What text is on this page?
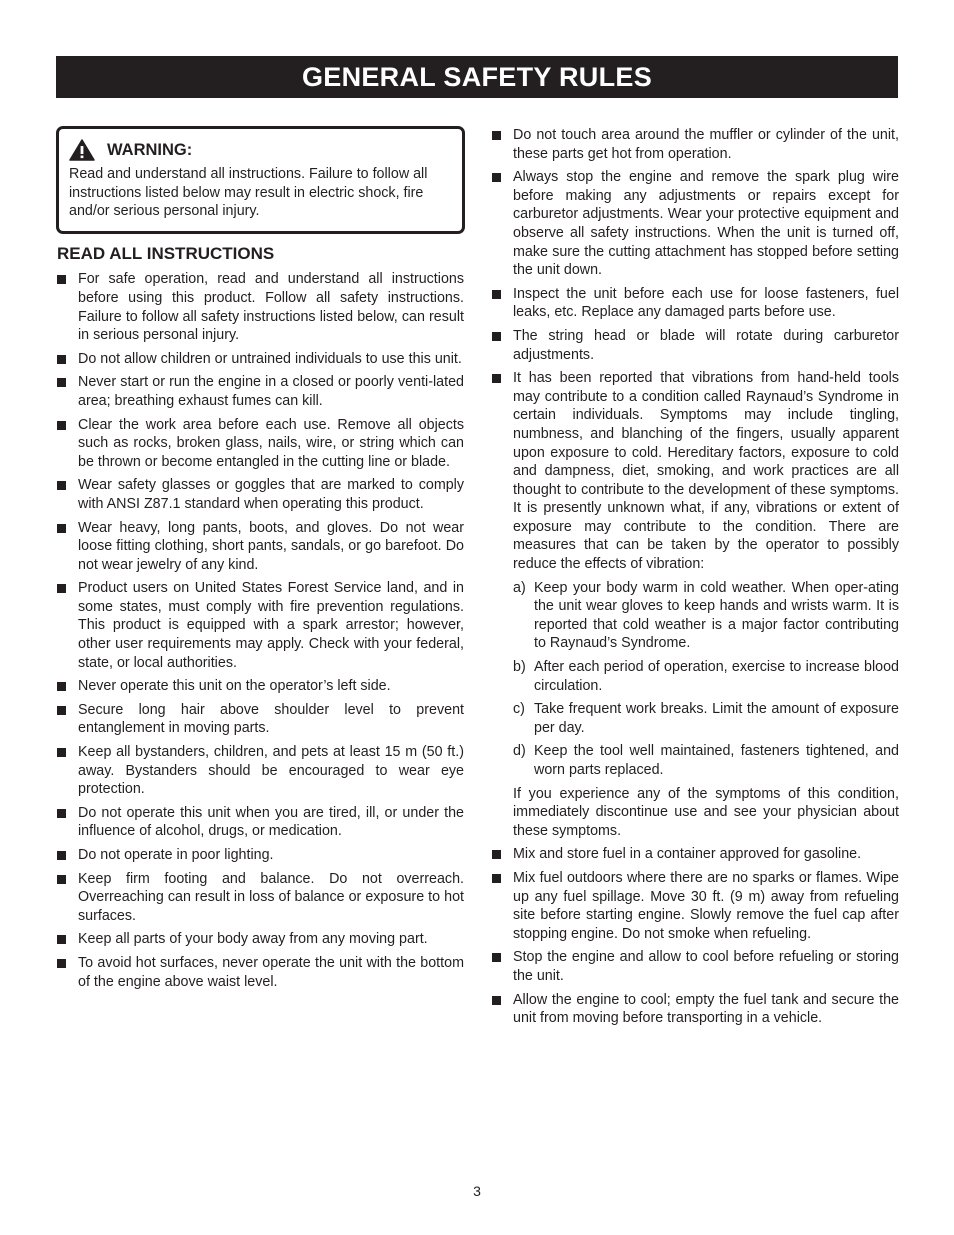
GENERAL SAFETY RULES
WARNING:
Read and understand all instructions. Failure to follow all instructions listed below may result in electric shock, fire and/or serious personal injury.
READ ALL INSTRUCTIONS
For safe operation, read and understand all instructions before using this product. Follow all safety instructions. Failure to follow all safety instructions listed below, can result in serious personal injury.
Do not allow children or untrained individuals to use this unit.
Never start or run the engine in a closed or poorly venti-lated area; breathing exhaust fumes can kill.
Clear the work area before each use. Remove all objects such as rocks, broken glass, nails, wire, or string which can be thrown or become entangled in the cutting line or blade.
Wear safety glasses or goggles that are marked to comply with ANSI Z87.1 standard when operating this product.
Wear heavy, long pants, boots, and gloves. Do not wear loose fitting clothing, short pants, sandals, or go barefoot. Do not wear jewelry of any kind.
Product users on United States Forest Service land, and in some states, must comply with fire prevention regulations. This product is equipped with a spark arrestor; however, other user requirements may apply. Check with your federal, state, or local authorities.
Never operate this unit on the operator’s left side.
Secure long hair above shoulder level to prevent entanglement in moving parts.
Keep all bystanders, children, and pets at least 15 m (50 ft.) away. Bystanders should be encouraged to wear eye protection.
Do not operate this unit when you are tired, ill, or under the influence of alcohol, drugs, or medication.
Do not operate in poor lighting.
Keep firm footing and balance. Do not overreach. Overreaching can result in loss of balance or exposure to hot surfaces.
Keep all parts of your body away from any moving part.
To avoid hot surfaces, never operate the unit with the bottom of the engine above waist level.
Do not touch area around the muffler or cylinder of the unit, these parts get hot from operation.
Always stop the engine and remove the spark plug wire before making any adjustments or repairs except for carburetor adjustments. Wear your protective equipment and observe all safety instructions. When the unit is turned off, make sure the cutting attachment has stopped before setting the unit down.
Inspect the unit before each use for loose fasteners, fuel leaks, etc. Replace any damaged parts before use.
The string head or blade will rotate during carburetor adjustments.
It has been reported that vibrations from hand-held tools may contribute to a condition called Raynaud’s Syndrome in certain individuals. Symptoms may include tingling, numbness, and blanching of the fingers, usually apparent upon exposure to cold. Hereditary factors, exposure to cold and dampness, diet, smoking, and work practices are all thought to contribute to the development of these symptoms. It is presently unknown what, if any, vibrations or extent of exposure may contribute to the condition. There are measures that can be taken by the operator to possibly reduce the effects of vibration:
a) Keep your body warm in cold weather. When oper-ating the unit wear gloves to keep hands and wrists warm. It is reported that cold weather is a major factor contributing to Raynaud’s Syndrome.
b) After each period of operation, exercise to increase blood circulation.
c) Take frequent work breaks. Limit the amount of exposure per day.
d) Keep the tool well maintained, fasteners tightened, and worn parts replaced.

If you experience any of the symptoms of this condition, immediately discontinue use and see your physician about these symptoms.

Mix and store fuel in a container approved for gasoline.
Mix fuel outdoors where there are no sparks or flames. Wipe up any fuel spillage. Move 30 ft. (9 m) away from refueling site before starting engine. Slowly remove the fuel cap after stopping engine. Do not smoke when refueling.
Stop the engine and allow to cool before refueling or storing the unit.
Allow the engine to cool; empty the fuel tank and secure the unit from moving before transporting in a vehicle.
3
